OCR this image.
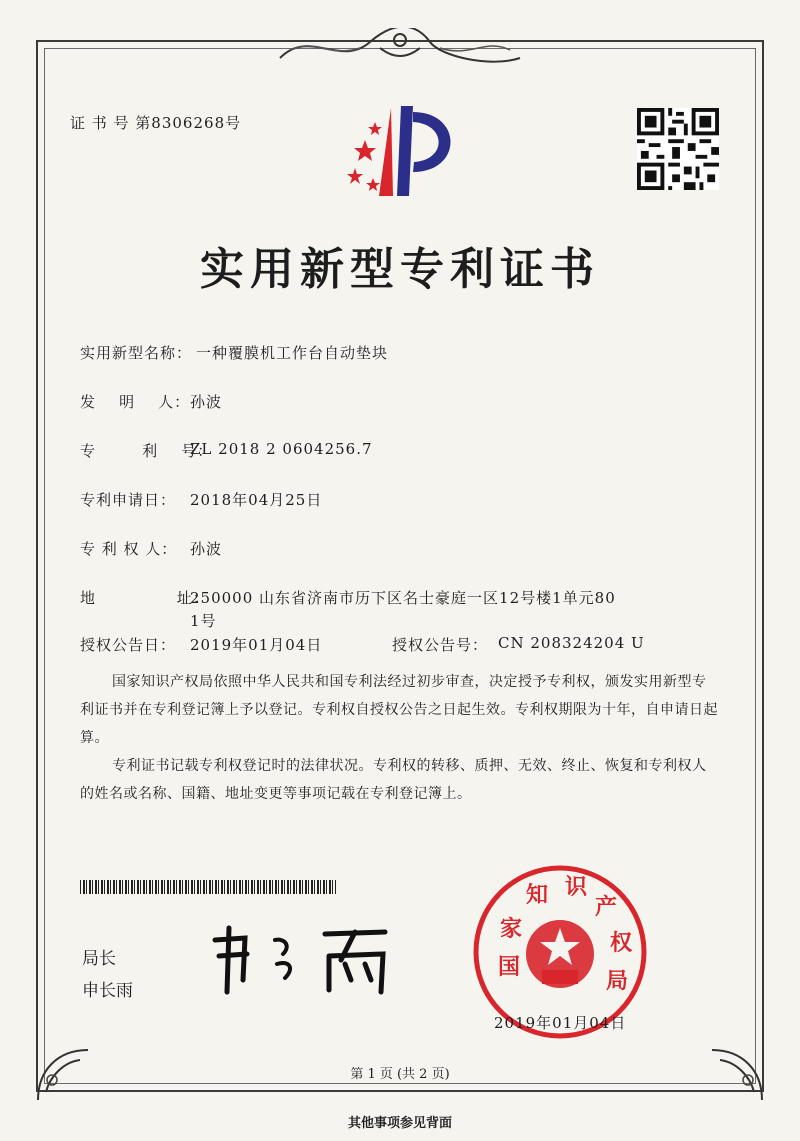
证 书 号 第8306268号
实用新型专利证书
实用新型名称： 一种覆膜机工作台自动垫块
发    明    人： 孙波
专        利    号：
ZL 2018 2 0604256.7
专利申请日： 2018年04月25日
专 利 权 人： 孙波
地              址：
250000 山东省济南市历下区名士豪庭一区12号楼1单元80
1号
授权公告日： 2019年01月04日	授权公告号： CN 208324204 U
国家知识产权局依照中华人民共和国专利法经过初步审查，决定授予专利权，颁发实用新型专利证书并在专利登记簿上予以登记。专利权自授权公告之日起生效。专利权期限为十年，自申请日起算。
专利证书记载专利权登记时的法律状况。专利权的转移、质押、无效、终止、恢复和专利权人的姓名或名称、国籍、地址变更等事项记载在专利登记簿上。
局长
申长雨
国
家
知 识
产
权
局
2019年01月04日
第 1 页 (共 2 页)
其他事项参见背面
